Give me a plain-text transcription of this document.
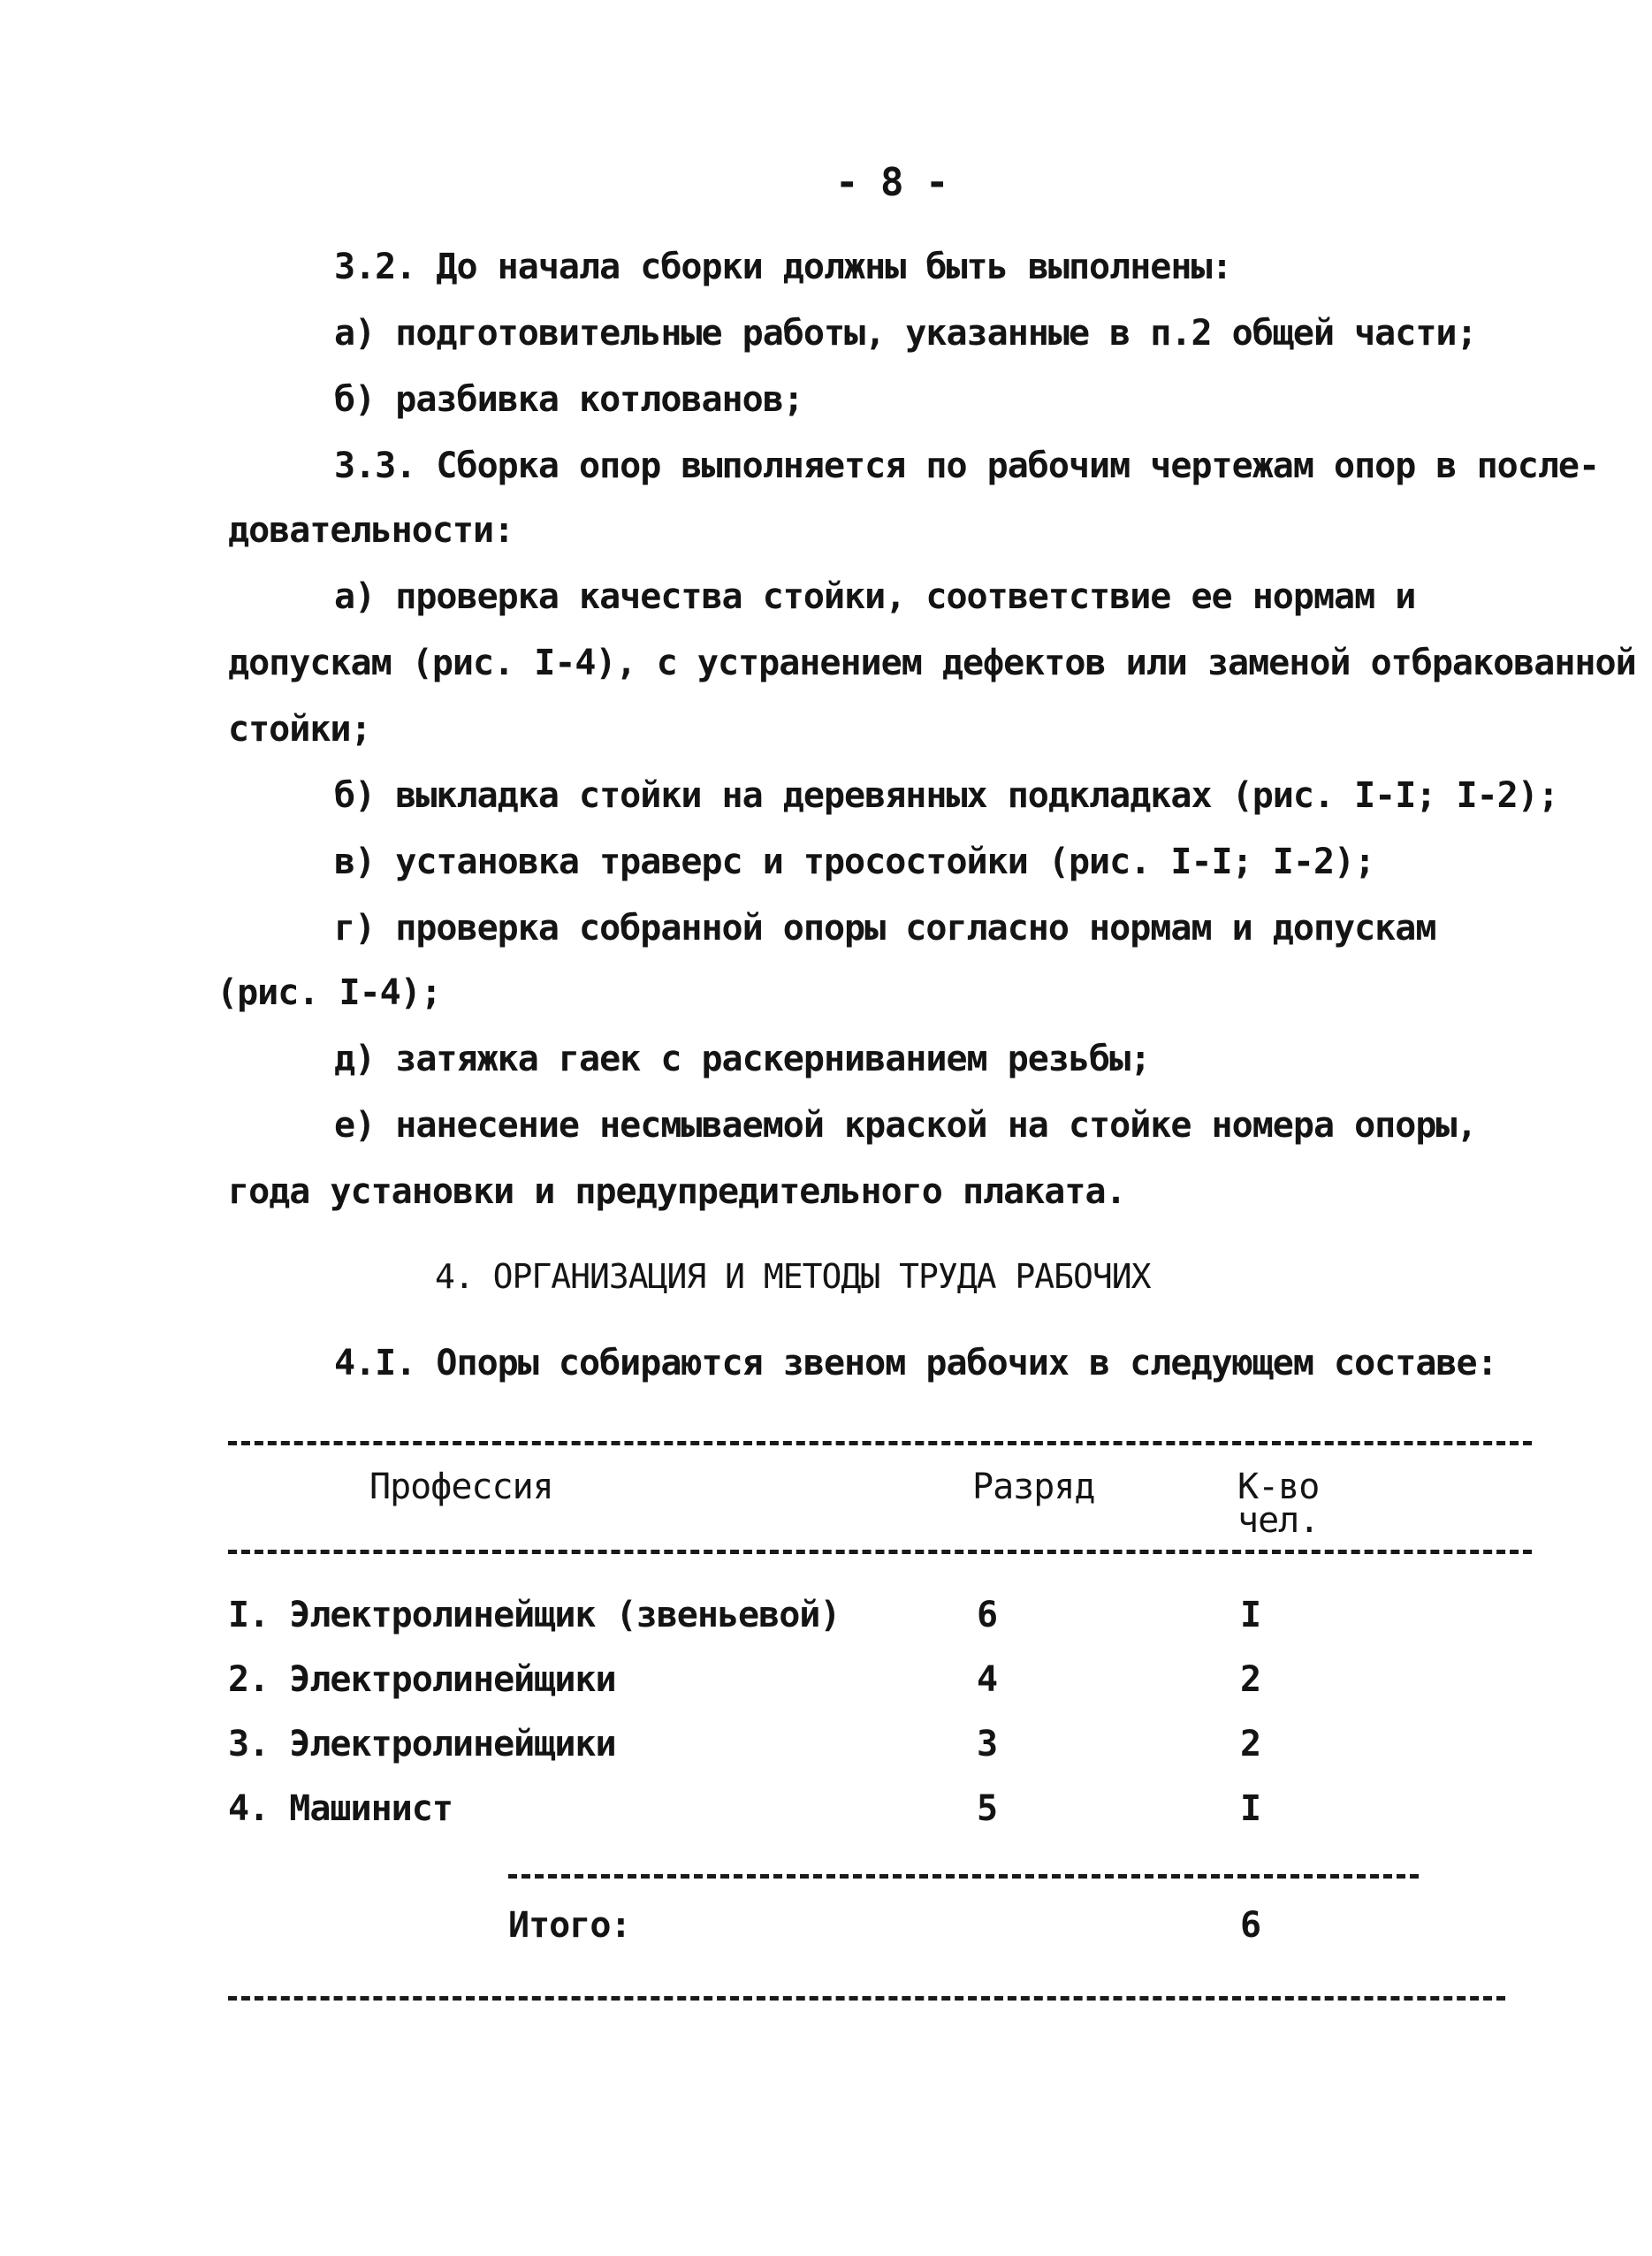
- 8 -
3.2. До начала сборки должны быть выполнены:
а) подготовительные работы, указанные в п.2 общей части;
б) разбивка котлованов;
3.3. Сборка опор выполняется по рабочим чертежам опор в после-
довательности:
а) проверка качества стойки, соответствие ее нормам и
допускам (рис. I-4), с устранением дефектов или заменой отбракованной
стойки;
б) выкладка стойки на деревянных подкладках (рис. I-I; I-2);
в) установка траверс и тросостойки (рис. I-I; I-2);
г) проверка собранной опоры согласно нормам и допускам
(рис. I-4);
д) затяжка гаек с раскерниванием резьбы;
е) нанесение несмываемой краской на стойке номера опоры,
года установки и предупредительного плаката.
4. ОРГАНИЗАЦИЯ И МЕТОДЫ ТРУДА РАБОЧИХ
4.I. Опоры собираются звеном рабочих в следующем составе:
Профессия	Разряд	К-во
чел.
I. Электролинейщик (звеньевой)	6	I
2. Электролинейщики	4	2
3. Электролинейщики	3	2
4. Машинист	5	I
Итого:	6
